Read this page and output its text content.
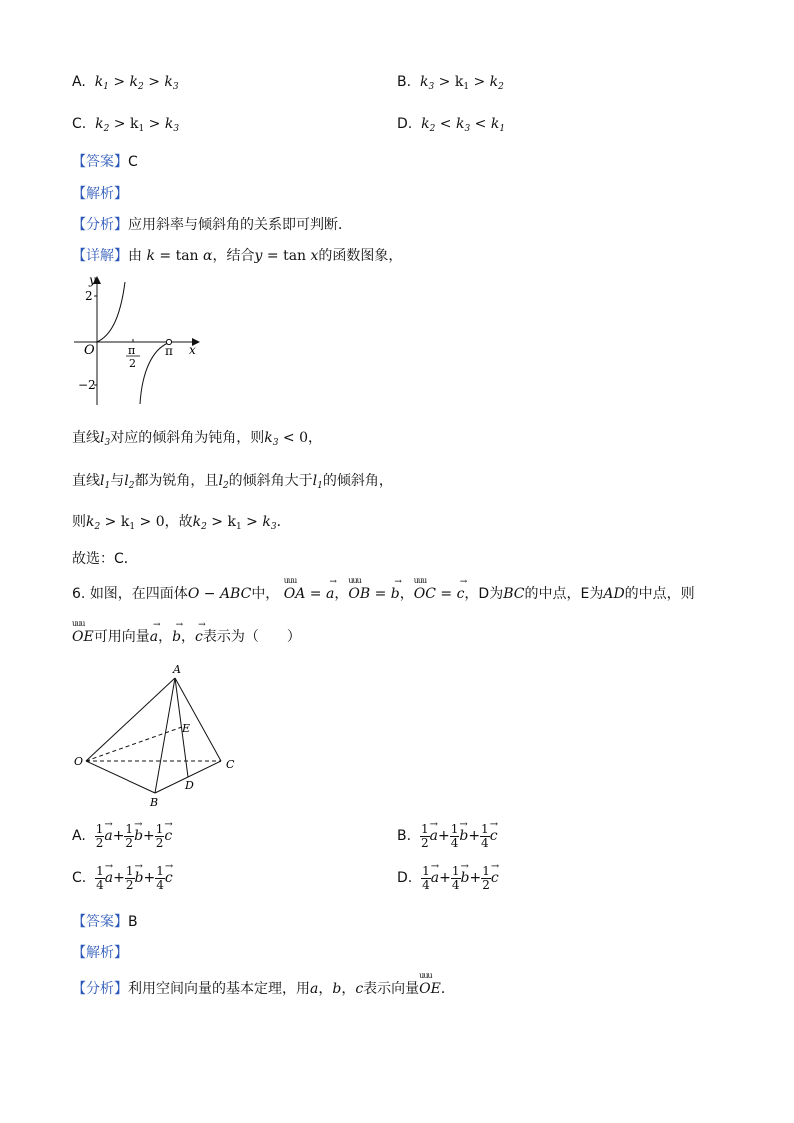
A. $k_1 > k_2 > k_3$	B. $k_3 > k_1 > k_2$
C. $k_2 > k_1 > k_3$	D. $k_2 < k_3 < k_1$
【答案】C
【解析】
【分析】应用斜率与倾斜角的关系即可判断．
【详解】由 k = tan α，结合y = tan x的函数图象，
y
x
O
2
−2
π
2
π
直线$l_3$对应的倾斜角为钝角，则$k_3 < 0$，
直线$l_1$与$l_2$都为锐角，且$l_2$的倾斜角大于$l_1$的倾斜角，
则$k_2 > k_1 > 0$，故$k_2 > k_1 > k_3$．
故选：C．
6. 如图，在四面体O − ABC中， uuu OA = → a，uuu OB = → b，uuu OC = → c，D为BC的中点，E为AD的中点，则
uuu OE可用向量→ a，→ b，→ c表示为（　　）
A
O
B
C
D
E
A. $\frac{1}{2}$
→ $a+ \frac{1}{2}$
→ $b+ \frac{1}{2}$
→ c	B. $\frac{1}{2}$
→ $a+ \frac{1}{4}$
→ $b+ \frac{1}{4}$
→ c
C. $\frac{1}{4}$
→ $a+ \frac{1}{2}$
→ $b+ \frac{1}{4}$
→ c	D. $\frac{1}{4}$
→ $a+ \frac{1}{4}$
→ $b+ \frac{1}{2}$
→ c
【答案】B
【解析】
【分析】利用空间向量的基本定理，用a，b，c表示向量uuu OE．
